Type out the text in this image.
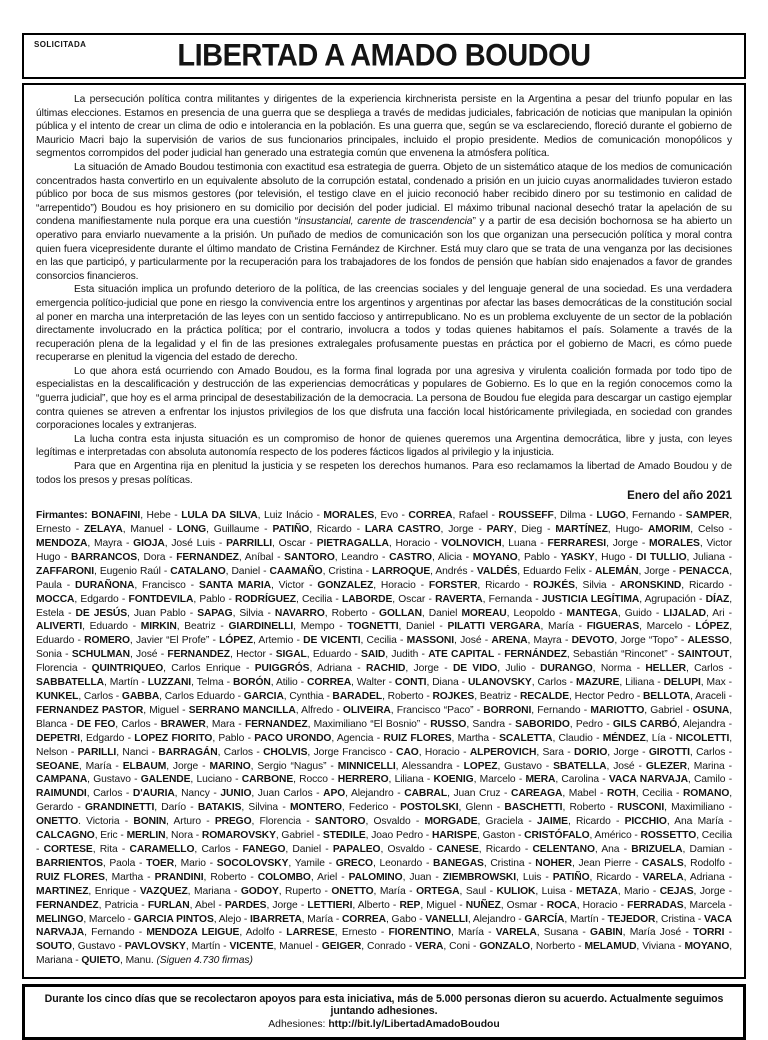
SOLICITADA	LIBERTAD A AMADO BOUDOU

La persecución política contra militantes y dirigentes de la experiencia kirchnerista persiste en la Argentina a pesar del triunfo popular en las últimas elecciones. Estamos en presencia de una guerra que se despliega a través de medidas judiciales, fabricación de noticias que manipulan la opinión pública y el intento de crear un clima de odio e intolerancia en la población. Es una guerra que, según se va esclareciendo, floreció durante el gobierno de Mauricio Macri bajo la supervisión de varios de sus funcionarios principales, incluido el propio presidente. Medios de comunicación monopólicos y segmentos corrompidos del poder judicial han generado una estrategia común que envenena la atmósfera política.

La situación de Amado Boudou testimonia con exactitud esa estrategia de guerra. Objeto de un sistemático ataque de los medios de comunicación concentrados hasta convertirlo en un equivalente absoluto de la corrupción estatal, condenado a prisión en un juicio cuyas anormalidades tuvieron estado público por boca de sus mismos gestores (por televisión, el testigo clave en el juicio reconoció haber recibido dinero por su testimonio en calidad de “arrepentido”) Boudou es hoy prisionero en su domicilio por decisión del poder judicial. El máximo tribunal nacional desechó tratar la apelación de su condena manifiestamente nula porque era una cuestión “insustancial, carente de trascendencia” y a partir de esa decisión bochornosa se ha abierto un operativo para enviarlo nuevamente a la prisión. Un puñado de medios de comunicación son los que organizan una persecución política y moral contra quien fuera vicepresidente durante el último mandato de Cristina Fernández de Kirchner. Está muy claro que se trata de una venganza por las decisiones en las que participó, y particularmente por la recuperación para los trabajadores de los fondos de pensión que habían sido enajenados a favor de grandes consorcios financieros.

Esta situación implica un profundo deterioro de la política, de las creencias sociales y del lenguaje general de una sociedad. Es una verdadera emergencia político-judicial que pone en riesgo la convivencia entre los argentinos y argentinas por afectar las bases democráticas de la constitución social al poner en marcha una interpretación de las leyes con un sentido faccioso y antirrepublicano. No es un problema excluyente de un sector de la población directamente involucrado en la práctica política; por el contrario, involucra a todos y todas quienes habitamos el país. Solamente a través de la recuperación plena de la legalidad y el fin de las presiones extralegales profusamente puestas en práctica por el gobierno de Macri, es cómo puede recuperarse en plenitud la vigencia del estado de derecho.

Lo que ahora está ocurriendo con Amado Boudou, es la forma final lograda por una agresiva y virulenta coalición formada por todo tipo de especialistas en la descalificación y destrucción de las experiencias democráticas y populares de Gobierno. Es lo que en la región conocemos como la “guerra judicial”, que hoy es el arma principal de desestabilización de la democracia. La persona de Boudou fue elegida para descargar un castigo ejemplar contra quienes se atreven a enfrentar los injustos privilegios de los que disfruta una facción local históricamente privilegiada, en sociedad con grandes corporaciones locales y extranjeras.

La lucha contra esta injusta situación es un compromiso de honor de quienes queremos una Argentina democrática, libre y justa, con leyes legítimas e interpretadas con absoluta autonomía respecto de los poderes fácticos ligados al privilegio y la injusticia.

Para que en Argentina rija en plenitud la justicia y se respeten los derechos humanos. Para eso reclamamos la libertad de Amado Boudou y de todos los presos y presas políticas.

Enero del año 2021

Firmantes: BONAFINI, Hebe - LULA DA SILVA, Luiz Inácio - MORALES, Evo - CORREA, Rafael - ROUSSEFF, Dilma - LUGO, Fernando - SAMPER, Ernesto - ZELAYA, Manuel - LONG, Guillaume - PATIÑO, Ricardo - LARA CASTRO, Jorge - PARY, Dieg - MARTÍNEZ, Hugo- AMORIM, Celso - MENDOZA, Mayra - GIOJA, José Luis - PARRILLI, Oscar - PIETRAGALLA, Horacio - VOLNOVICH, Luana - FERRARESI, Jorge - MORALES, Victor Hugo - BARRANCOS, Dora - FERNANDEZ, Aníbal - SANTORO, Leandro - CASTRO, Alicia - MOYANO, Pablo - YASKY, Hugo - DI TULLIO, Juliana - ZAFFARONI, Eugenio Raúl - CATALANO, Daniel - CAAMAÑO, Cristina - LARROQUE, Andrés - VALDÉS, Eduardo Felix - ALEMÁN, Jorge - PENACCA, Paula - DURAÑONA, Francisco - SANTA MARIA, Victor - GONZALEZ, Horacio - FORSTER, Ricardo - ROJKÉS, Silvia - ARONSKIND, Ricardo - MOCCA, Edgardo - FONTDEVILA, Pablo - RODRÍGUEZ, Cecilia - LABORDE, Oscar - RAVERTA, Fernanda - JUSTICIA LEGÍTIMA, Agrupación - DÍAZ, Estela - DE JESÚS, Juan Pablo - SAPAG, Silvia - NAVARRO, Roberto - GOLLAN, Daniel MOREAU, Leopoldo - MANTEGA, Guido - LIJALAD, Ari - ALIVERTI, Eduardo - MIRKIN, Beatriz - GIARDINELLI, Mempo - TOGNETTI, Daniel - PILATTI VERGARA, María - FIGUERAS, Marcelo - LÓPEZ, Eduardo - ROMERO, Javier “El Profe” - LÓPEZ, Artemio - DE VICENTI, Cecilia - MASSONI, José - ARENA, Mayra - DEVOTO, Jorge “Topo” - ALESSO, Sonia - SCHULMAN, José - FERNANDEZ, Hector - SIGAL, Eduardo - SAID, Judith - ATE CAPITAL - FERNÁNDEZ, Sebastián “Rinconet” - SAINTOUT, Florencia - QUINTRIQUEO, Carlos Enrique - PUIGGRÓS, Adriana - RACHID, Jorge - DE VIDO, Julio - DURANGO, Norma - HELLER, Carlos - SABBATELLA, Martín - LUZZANI, Telma - BORÓN, Atilio - CORREA, Walter - CONTI, Diana - ULANOVSKY, Carlos - MAZURE, Liliana - DELUPI, Max - KUNKEL, Carlos - GABBA, Carlos Eduardo - GARCIA, Cynthia - BARADEL, Roberto - ROJKES, Beatriz - RECALDE, Hector Pedro - BELLOTA, Araceli - FERNANDEZ PASTOR, Miguel - SERRANO MANCILLA, Alfredo - OLIVEIRA, Francisco “Paco” - BORRONI, Fernando - MARIOTTO, Gabriel - OSUNA, Blanca - DE FEO, Carlos - BRAWER, Mara - FERNANDEZ, Maximiliano “El Bosnio” - RUSSO, Sandra - SABORIDO, Pedro - GILS CARBÓ, Alejandra - DEPETRI, Edgardo - LOPEZ FIORITO, Pablo - PACO URONDO, Agencia - RUIZ FLORES, Martha - SCALETTA, Claudio - MÉNDEZ, Lía - NICOLETTI, Nelson - PARILLI, Nanci - BARRAGÁN, Carlos - CHOLVIS, Jorge Francisco - CAO, Horacio - ALPEROVICH, Sara - DORIO, Jorge - GIROTTI, Carlos - SEOANE, María - ELBAUM, Jorge - MARINO, Sergio “Nagus” - MINNICELLI, Alessandra - LOPEZ, Gustavo - SBATELLA, José - GLEZER, Marina - CAMPANA, Gustavo - GALENDE, Luciano - CARBONE, Rocco - HERRERO, Liliana - KOENIG, Marcelo - MERA, Carolina - VACA NARVAJA, Camilo - RAIMUNDI, Carlos - D'AURIA, Nancy - JUNIO, Juan Carlos - APO, Alejandro - CABRAL, Juan Cruz - CAREAGA, Mabel - ROTH, Cecilia - ROMANO, Gerardo - GRANDINETTI, Darío - BATAKIS, Silvina - MONTERO, Federico - POSTOLSKI, Glenn - BASCHETTI, Roberto - RUSCONI, Maximiliano - ONETTO. Victoria - BONIN, Arturo - PREGO, Florencia - SANTORO, Osvaldo - MORGADE, Graciela - JAIME, Ricardo - PICCHIO, Ana María - CALCAGNO, Eric - MERLIN, Nora - ROMAROVSKY, Gabriel - STEDILE, Joao Pedro - HARISPE, Gaston - CRISTÓFALO, Américo - ROSSETTO, Cecilia - CORTESE, Rita - CARAMELLO, Carlos - FANEGO, Daniel - PAPALEO, Osvaldo - CANESE, Ricardo - CELENTANO, Ana - BRIZUELA, Damian - BARRIENTOS, Paola - TOER, Mario - SOCOLOVSKY, Yamile - GRECO, Leonardo - BANEGAS, Cristina - NOHER, Jean Pierre - CASALS, Rodolfo - RUIZ FLORES, Martha - PRANDINI, Roberto - COLOMBO, Ariel - PALOMINO, Juan - ZIEMBROWSKI, Luis - PATIÑO, Ricardo - VARELA, Adriana - MARTINEZ, Enrique - VAZQUEZ, Mariana - GODOY, Ruperto - ONETTO, María - ORTEGA, Saul - KULIOK, Luisa - METAZA, Mario - CEJAS, Jorge - FERNANDEZ, Patricia - FURLAN, Abel - PARDES, Jorge - LETTIERI, Alberto - REP, Miguel - NUÑEZ, Osmar - ROCA, Horacio - FERRADAS, Marcela - MELINGO, Marcelo - GARCIA PINTOS, Alejo - IBARRETA, María - CORREA, Gabo - VANELLI, Alejandro - GARCÍA, Martín - TEJEDOR, Cristina - VACA NARVAJA, Fernando - MENDOZA LEIGUE, Adolfo - LARRESE, Ernesto - FIORENTINO, María - VARELA, Susana - GABIN, María José - TORRI - SOUTO, Gustavo - PAVLOVSKY, Martín - VICENTE, Manuel - GEIGER, Conrado - VERA, Coni - GONZALO, Norberto - MELAMUD, Viviana - MOYANO, Mariana - QUIETO, Manu. (Siguen 4.730 firmas)

Durante los cinco días que se recolectaron apoyos para esta iniciativa, más de 5.000 personas dieron su acuerdo. Actualmente seguimos juntando adhesiones.

Adhesiones: http://bit.ly/LibertadAmadoBoudou
